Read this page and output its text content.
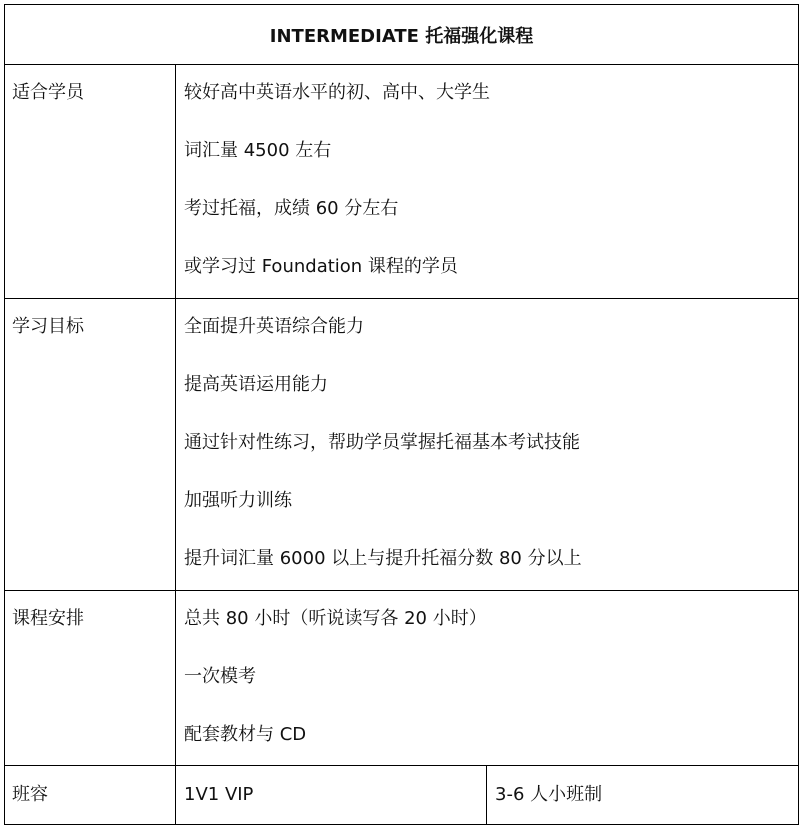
INTERMEDIATE 托福强化课程		

适合学员	较好高中英语水平的初、高中、大学生

词汇量 4500 左右

考过托福，成绩 60 分左右

或学习过 Foundation 课程的学员	

学习目标	全面提升英语综合能力

提高英语运用能力

通过针对性练习，帮助学员掌握托福基本考试技能

加强听力训练

提升词汇量 6000 以上与提升托福分数 80 分以上	

课程安排	总共 80 小时（听说读写各 20 小时）

一次模考

配套教材与 CD	

班容	1V1 VIP	3-6 人小班制
